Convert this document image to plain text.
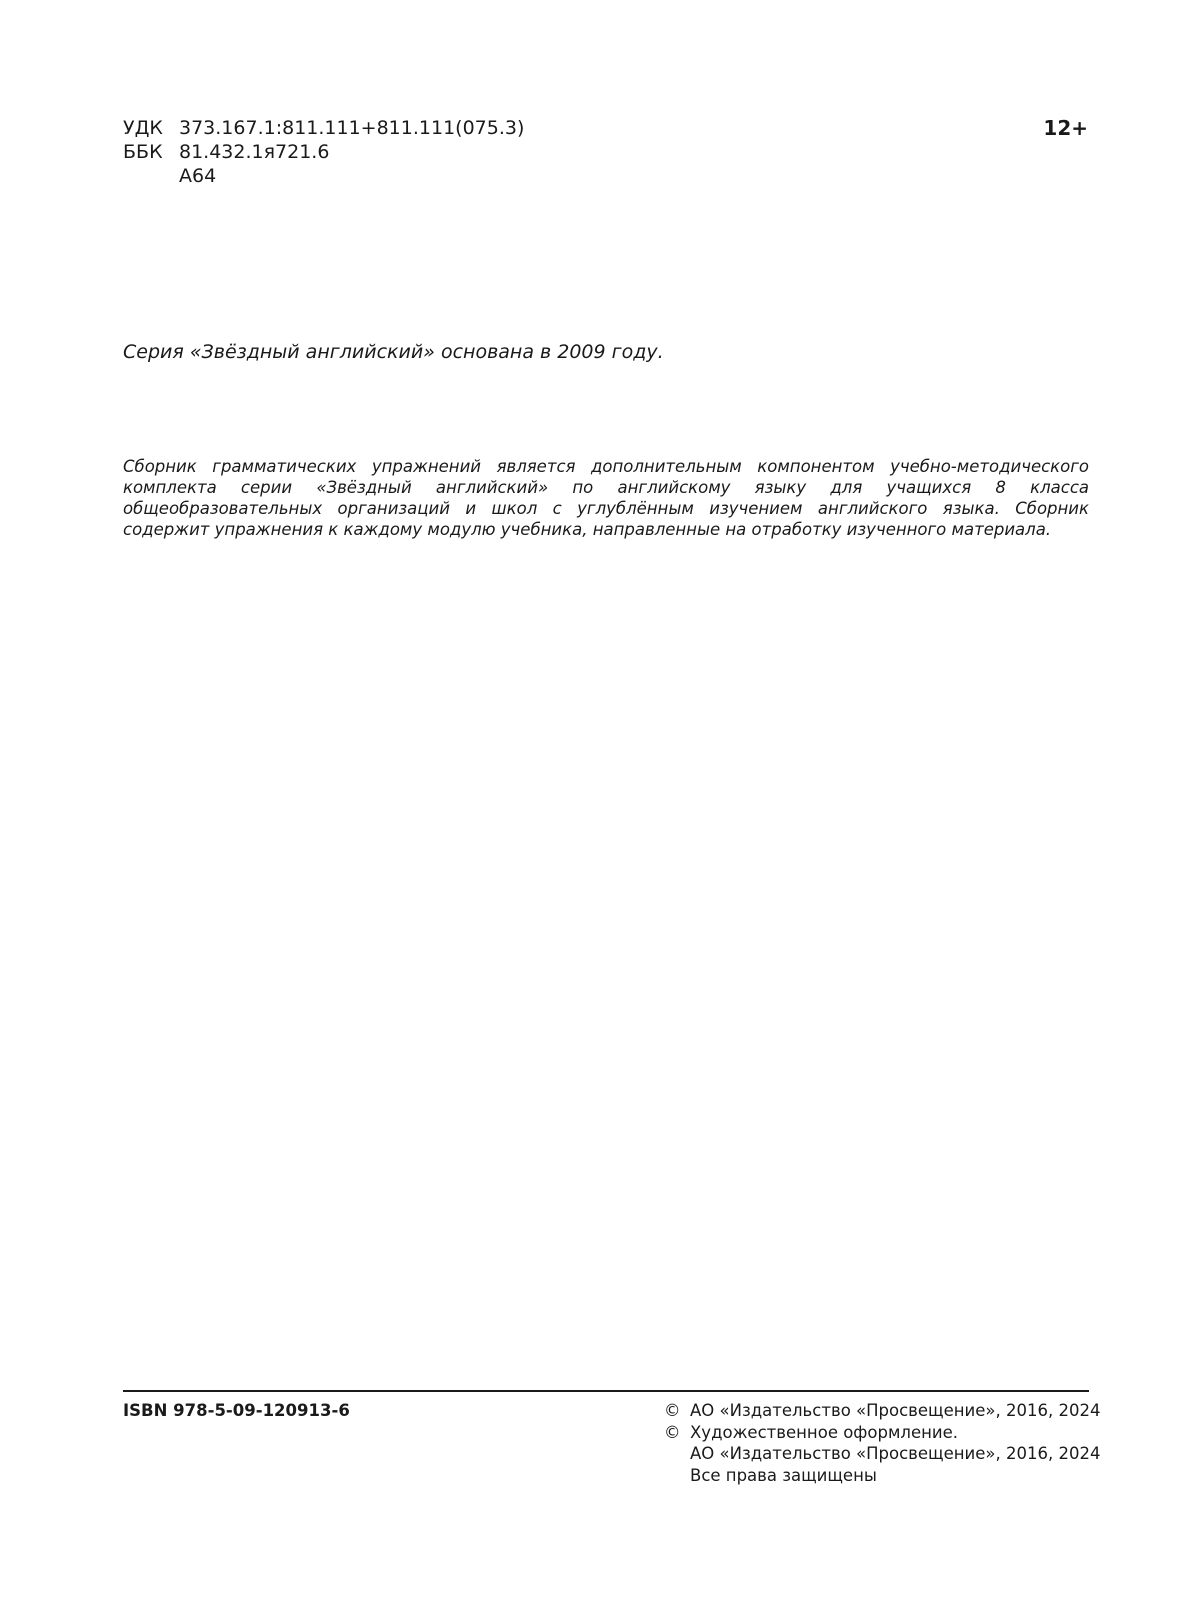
УДК 373.167.1:811.111+811.111(075.3)
ББК 81.432.1я721.6
А64
12+
Серия «Звёздный английский» основана в 2009 году.
Сборник грамматических упражнений является дополнительным компонентом учебно-методического комплекта серии «Звёздный английский» по английскому языку для учащихся 8 класса общеобразовательных организаций и школ с углублённым изучением английского языка. Сборник содержит упражнения к каждому модулю учебника, направленные на отработку изученного материала.
ISBN 978-5-09-120913-6	© АО «Издательство «Просвещение», 2016, 2024
© Художественное оформление.
АО «Издательство «Просвещение», 2016, 2024
Все права защищены
